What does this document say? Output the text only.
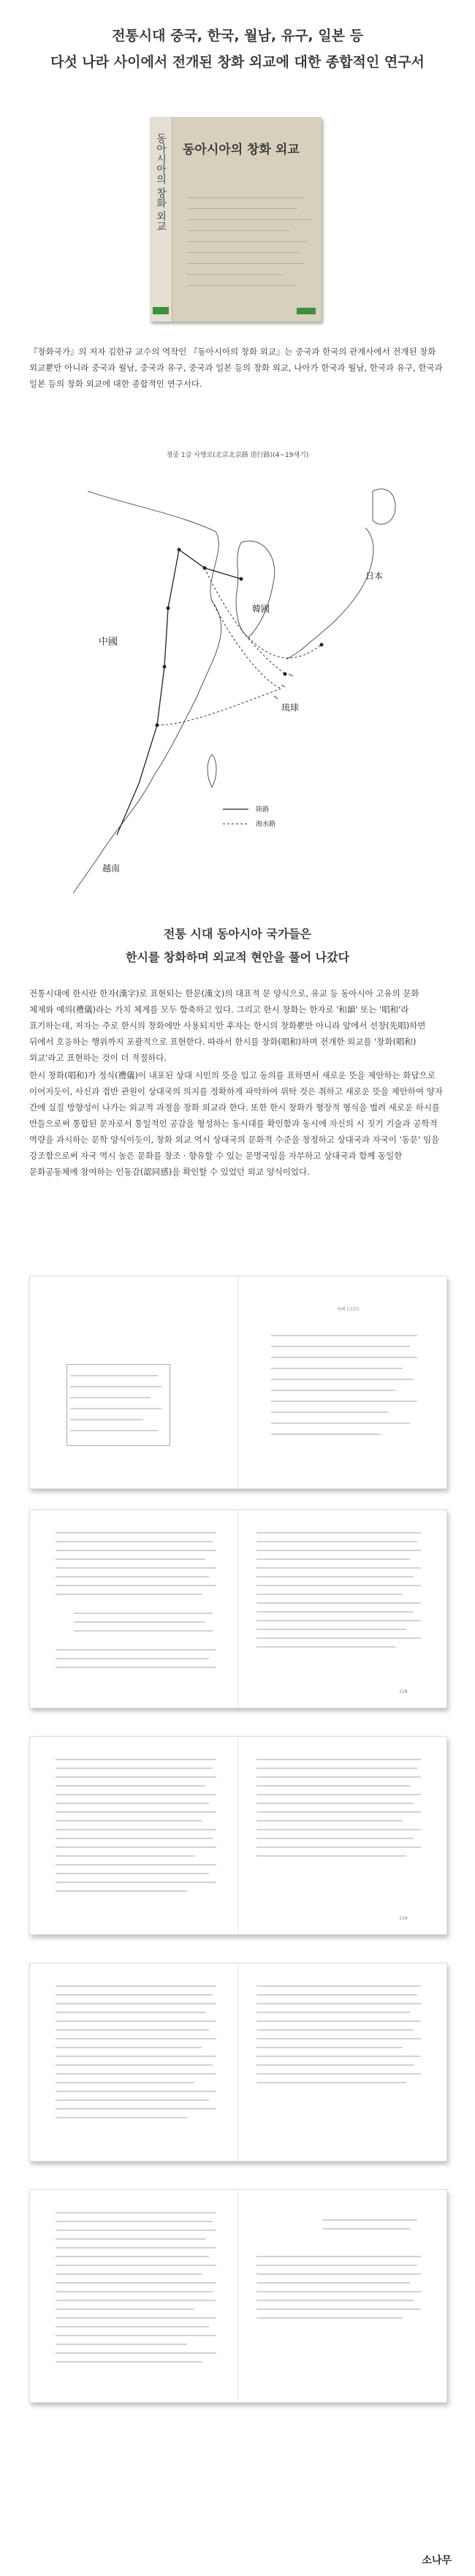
전통시대 중국, 한국, 월남, 유구, 일본 등
다섯 나라 사이에서 전개된 창화 외교에 대한 종합적인 연구서
동아시아의 창화 외교 동아시아의 창화 외교
『창화국가』의 저자 김한규 교수의 역작인 『동아시아의 창화 외교』는 중국과 한국의 관계사에서 전개된 창화 외교뿐만 아니라 중국과 월남, 중국과 유구, 중국과 일본 등의 창화 외교, 나아가 한국과 월남, 한국과 유구, 한국과 일본 등의 창화 외교에 대한 종합적인 연구서다.
청중 1급 사행로(北京北京路 造行路)(4~19세기)
韓國
日本
琉球
中國
越南
陸路
海水路
전통 시대 동아시아 국가들은
한시를 창화하며 외교적 현안을 풀어 나갔다
전통시대에 한시란 한자(漢字)로 표현되는 한문(漢文)의 대표적 문 양식으로, 유교 등 동아시아 고유의 문화 체제와 예의(禮儀)라는 가치 체계를 모두 함축하고 있다. 그리고 한시 창화는 한자로 '和韻' 또는 '唱和'라 표기하는데, 저자는 주로 한시의 창화에만 사용되지만 후자는 한시의 창화뿐만 아니라 앞에서 선창(先唱)하면 뒤에서 호응하는 행위까지 포괄적으로 표현한다. 따라서 한시를 창화(唱和)하며 전개한 외교를 '창화(唱和) 외교'라고 표현하는 것이 더 적절하다.
한시 창화(唱和)가 정식(禮儀)이 내포된 상대 시인의 뜻을 입고 동의를 표하면서 새로운 뜻을 제안하는 화답으로 이어지듯이, 사신과 접반 관원이 상대국의 의지를 정확하게 파악하여 위탁 것은 취하고 새로운 뜻을 제안하여 양자 간에 실질 방향성이 나가는 외교적 과정을 창화 외교라 한다. 또한 한시 창화가 형장적 형식을 벌려 새로운 하시를 만들으로써 통합된 문자로서 통일적인 공감을 형성하는 동시대를 확인함과 동시에 자신의 시 짓기 기술과 공학적 역량을 과시하는 문학 양식이듯이, 창화 외교 역시 상대국의 문화적 수준을 창정하고 상대국과 자국이 '동문' 임을 강조함으로써 자국 역시 높은 문화를 창조 · 향유할 수 있는 문명국임을 자부하고 상대국과 함께 동일한 문화공동체에 참여하는 인동감(認同感)을 확인할 수 있었던 외교 양식이었다.
차례 (目次)
118
119
소나무
